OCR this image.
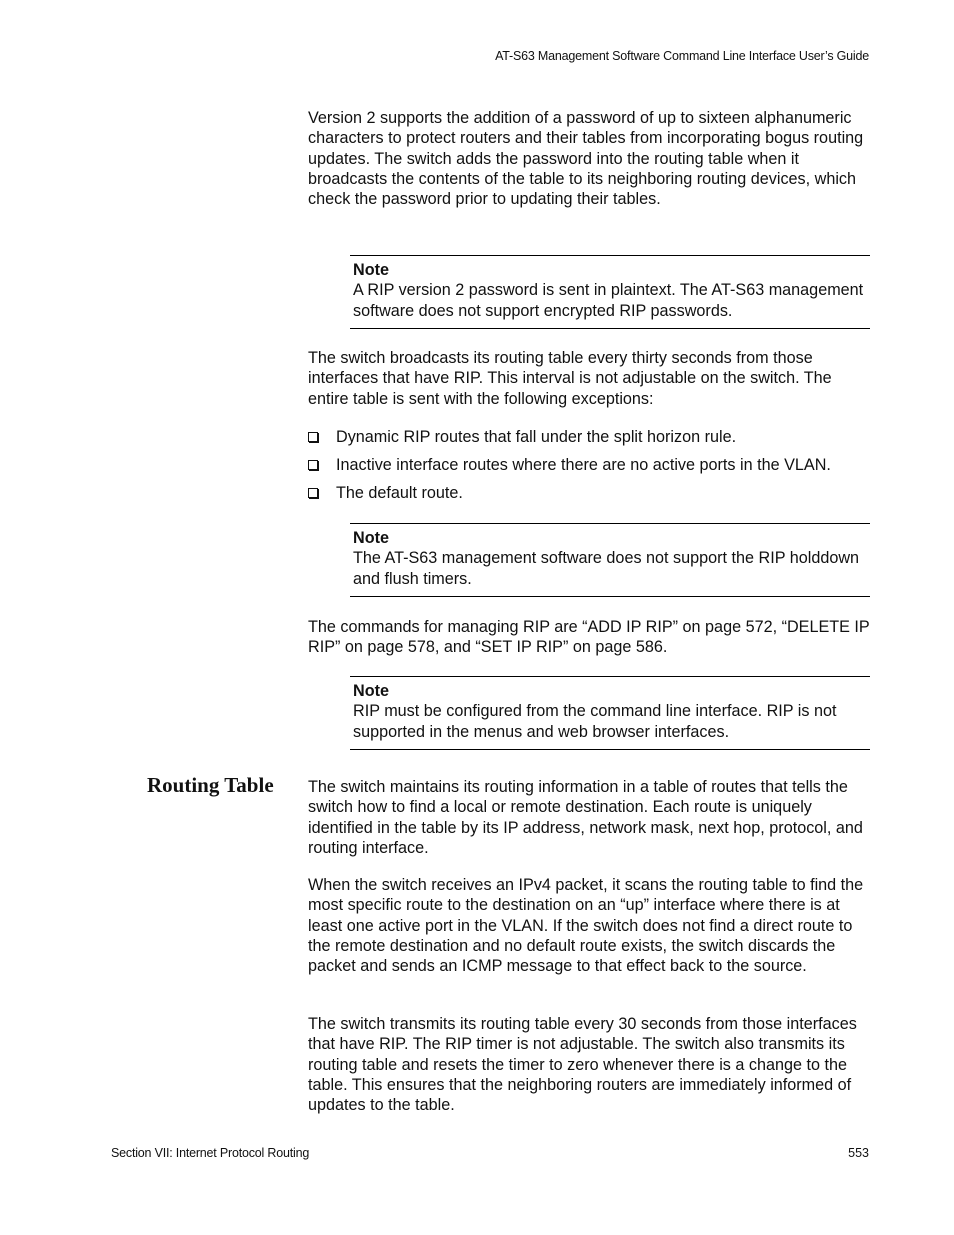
AT-S63 Management Software Command Line Interface User’s Guide

Version 2 supports the addition of a password of up to sixteen alphanumeric characters to protect routers and their tables from incorporating bogus routing updates. The switch adds the password into the routing table when it broadcasts the contents of the table to its neighboring routing devices, which check the password prior to updating their tables.

Note
A RIP version 2 password is sent in plaintext. The AT-S63 management software does not support encrypted RIP passwords.

The switch broadcasts its routing table every thirty seconds from those interfaces that have RIP. This interval is not adjustable on the switch. The entire table is sent with the following exceptions:

Dynamic RIP routes that fall under the split horizon rule.
Inactive interface routes where there are no active ports in the VLAN.
The default route.
Note
The AT-S63 management software does not support the RIP holddown and flush timers.

The commands for managing RIP are “ADD IP RIP” on page 572, “DELETE IP RIP” on page 578, and “SET IP RIP” on page 586.

Note
RIP must be configured from the command line interface. RIP is not supported in the menus and web browser interfaces.
Routing Table The switch maintains its routing information in a table of routes that tells the switch how to find a local or remote destination. Each route is uniquely identified in the table by its IP address, network mask, next hop, protocol, and routing interface.

When the switch receives an IPv4 packet, it scans the routing table to find the most specific route to the destination on an “up” interface where there is at least one active port in the VLAN. If the switch does not find a direct route to the remote destination and no default route exists, the switch discards the packet and sends an ICMP message to that effect back to the source.

The switch transmits its routing table every 30 seconds from those interfaces that have RIP. The RIP timer is not adjustable. The switch also transmits its routing table and resets the timer to zero whenever there is a change to the table. This ensures that the neighboring routers are immediately informed of updates to the table.

Section VII: Internet Protocol Routing	553
